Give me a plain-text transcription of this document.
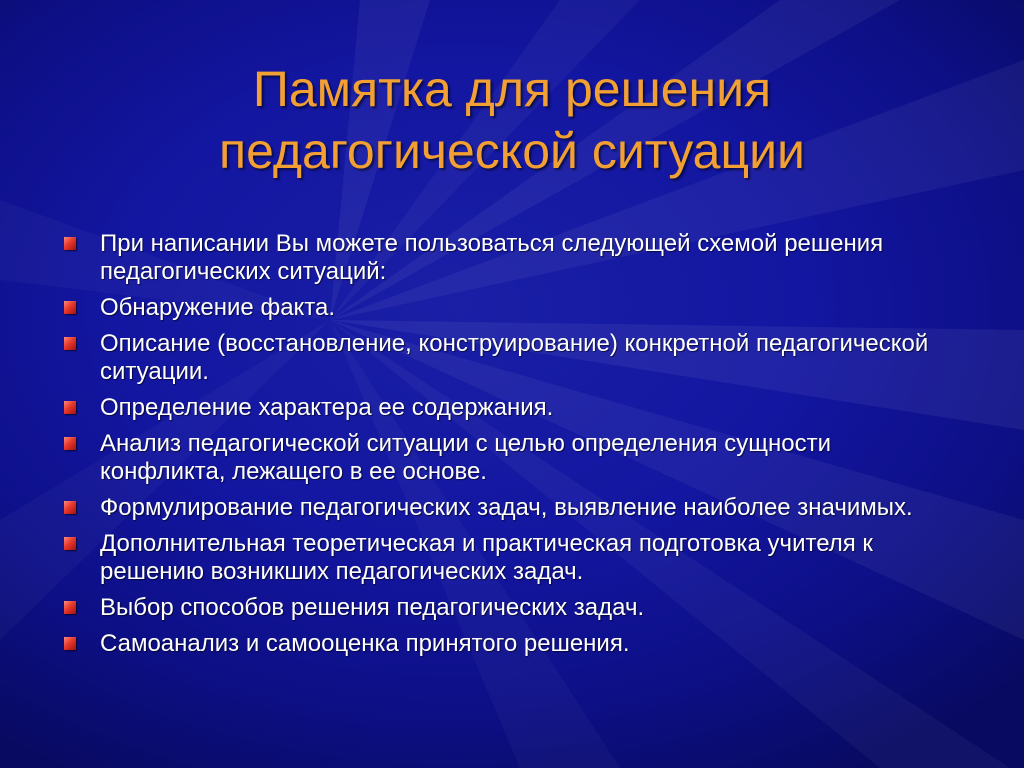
Памятка для решения
педагогической ситуации
При написании Вы можете пользоваться следующей схемой решения педагогических ситуаций:
Обнаружение факта.
Описание (восстановление, конструирование) конкретной педагогической ситуации.
Определение характера ее содержания.
Анализ педагогической ситуации с целью определения сущности конфликта, лежащего в ее основе.
Формулирование педагогических задач, выявление наиболее значимых.
Дополнительная теоретическая и практическая подготовка учителя к решению возникших педагогических задач.
Выбор способов решения педагогических задач.
Самоанализ и самооценка принятого решения.
